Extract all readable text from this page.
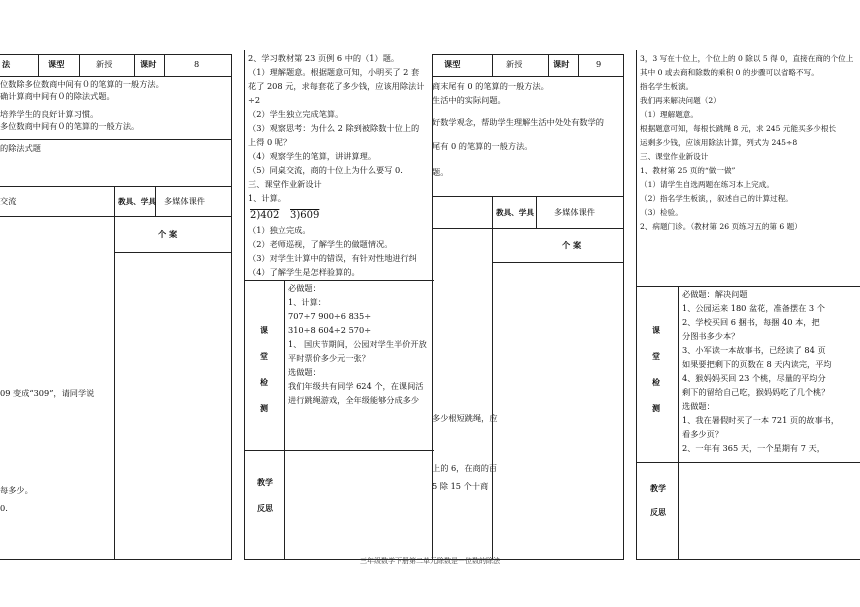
法	课型	新授	课时	8
位数除多位数商中间有０的笔算的一般方法。
确计算商中间有０的除法式题。
培养学生的良好计算习惯。
多位数商中间有０的笔算的一般方法。
的除法式题
交流	教具、学具 多媒体课件
个 案
09 变成“309”，请同学说
每多少。
0.
2、学习教材第 23 页例 6 中的（1）题。
（1）理解题意。根据题意可知，小明买了 2 套
花了 208 元，求每套花了多少钱，应该用除法计
÷2
（2）学生独立完成笔算。
（3）观察思考：为什么 2 除到被除数十位上的
上得 0 呢？
（4）观察学生的笔算，讲讲算理。
（5）同桌交流，商的十位上为什么要写 0.
三、课堂作业新设计
1、计算。
2)402 3)609
（1）独立完成。
（2）老师巡视，了解学生的做题情况。
（3）对学生计算中的错误，有针对性地进行纠
（4）了解学生是怎样验算的。
课
堂
检
测
必做题：
1、计算：
707÷7 900÷6 835÷
310÷8 604÷2 570÷
1、 国庆节期间，公园对学生半价开放
平时票价多少元一张？
选做题：
我们年级共有同学 624 个，在课间活
进行跳绳游戏，全年级能够分成多少
教学
反思
课型	新授	课时	9
商末尾有 0 的笔算的一般方法。
生活中的实际问题。
好数学观念，帮助学生理解生活中处处有数学的
尾有 0 的笔算的一般方法。
题。
教具、学具 多媒体课件
个 案
多少根短跳绳，应
上的 6，在商的百
5 除 15 个十商
3，3 写在十位上，个位上的 0 除以 5 得 0，直接在商的个位上
其中 0 或去商和除数的乘积 0 的步骤可以省略不写。
指名学生板演。
我们再来解决问题（2）
（1）理解题意。
根据题意可知，每根长跳绳 8 元，求 245 元能买多少根长
运剩多少钱，应该用除法计算，列式为 245÷8
三、课堂作业新设计
1、教材第 25 页的“做一做”
（1）请学生自选两题在练习本上完成。
（2）指名学生板演，，叙述自己的计算过程。
（3）检验。
2、病题门诊。（教材第 26 页练习五的第 6 题）
课
堂
检
测
必做题：解决问题
1、公园运来 180 盆花，准备摆在 3 个
2、学校买回 6 捆书，每捆 40 本，把
分图书多少本？
3、小军读一本故事书，已经读了 84 页
如果要把剩下的页数在 8 天内读完，平均
4、猴妈妈买回 23 个桃，尽量的平均分
剩下的留给自己吃，猴妈妈吃了几个桃？
选做题：
1、我在暑假时买了一本 721 页的故事书，
看多少页？
2、一年有 365 天，一个星期有 7 天，
教学
反思
三年级数学下册第二单元除数是一位数的除法
